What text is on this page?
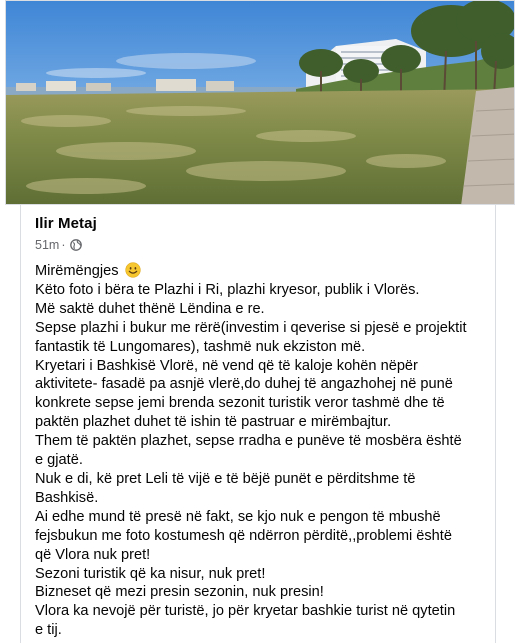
Ilir Metaj
51m ·
Mirëmëngjes
Këto foto i bëra te Plazhi i Ri, plazhi kryesor, publik i Vlorës.
Më saktë duhet thënë Lëndina e re.
Sepse plazhi i bukur me rërë(investim i qeverise si pjesë e projektit
fantastik të Lungomares), tashmë nuk ekziston më.
Kryetari i Bashkisë Vlorë, në vend që të kaloje kohën nëpër
aktivitete- fasadë pa asnjë vlerë,do duhej të angazhohej në punë
konkrete sepse jemi brenda sezonit turistik veror tashmë dhe të
paktën plazhet duhet të ishin të pastruar e mirëmbajtur.
Them të paktën plazhet, sepse rradha e punëve të mosbëra është
e gjatë.
Nuk e di, kë pret Leli të vijë e të bëjë punët e përditshme të
Bashkisë.
Ai edhe mund të presë në fakt, se kjo nuk e pengon të mbushë
fejsbukun me foto kostumesh që ndërron përditë,,problemi është
që Vlora nuk pret!
Sezoni turistik që ka nisur, nuk pret!
Bizneset që mezi presin sezonin, nuk presin!
Vlora ka nevojë për turistë, jo për kryetar bashkie turist në qytetin
e tij.
